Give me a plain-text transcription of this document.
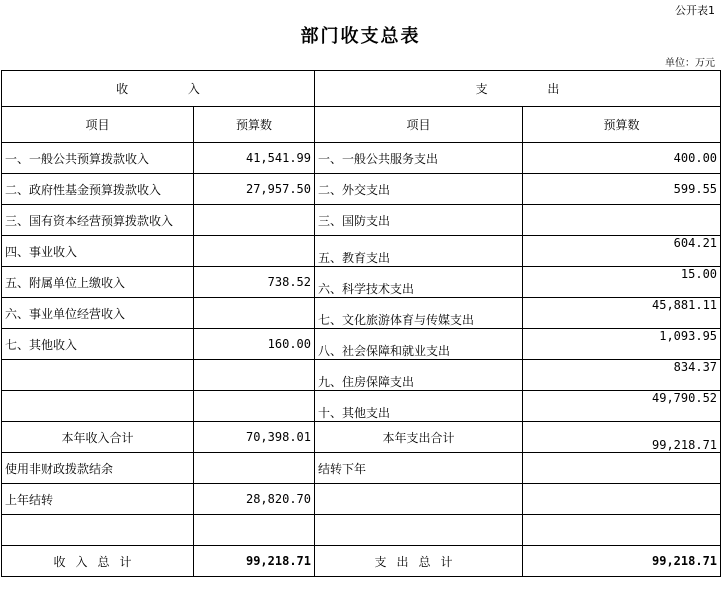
公开表1
部门收支总表
单位：万元
收 入		支 出	
项目	预算数	项目	预算数
一、一般公共预算拨款收入	41,541.99	一、一般公共服务支出	400.00
二、政府性基金预算拨款收入	27,957.50	二、外交支出	599.55
三、国有资本经营预算拨款收入		三、国防支出	
四、事业收入		五、教育支出	604.21
五、附属单位上缴收入	738.52	六、科学技术支出	15.00
六、事业单位经营收入		七、文化旅游体育与传媒支出	45,881.11
七、其他收入	160.00	八、社会保障和就业支出	1,093.95
		九、住房保障支出	834.37
		十、其他支出	49,790.52
本年收入合计	70,398.01	本年支出合计	99,218.71
使用非财政拨款结余		结转下年	
上年结转	28,820.70		

收入总计	99,218.71	支出总计	99,218.71
